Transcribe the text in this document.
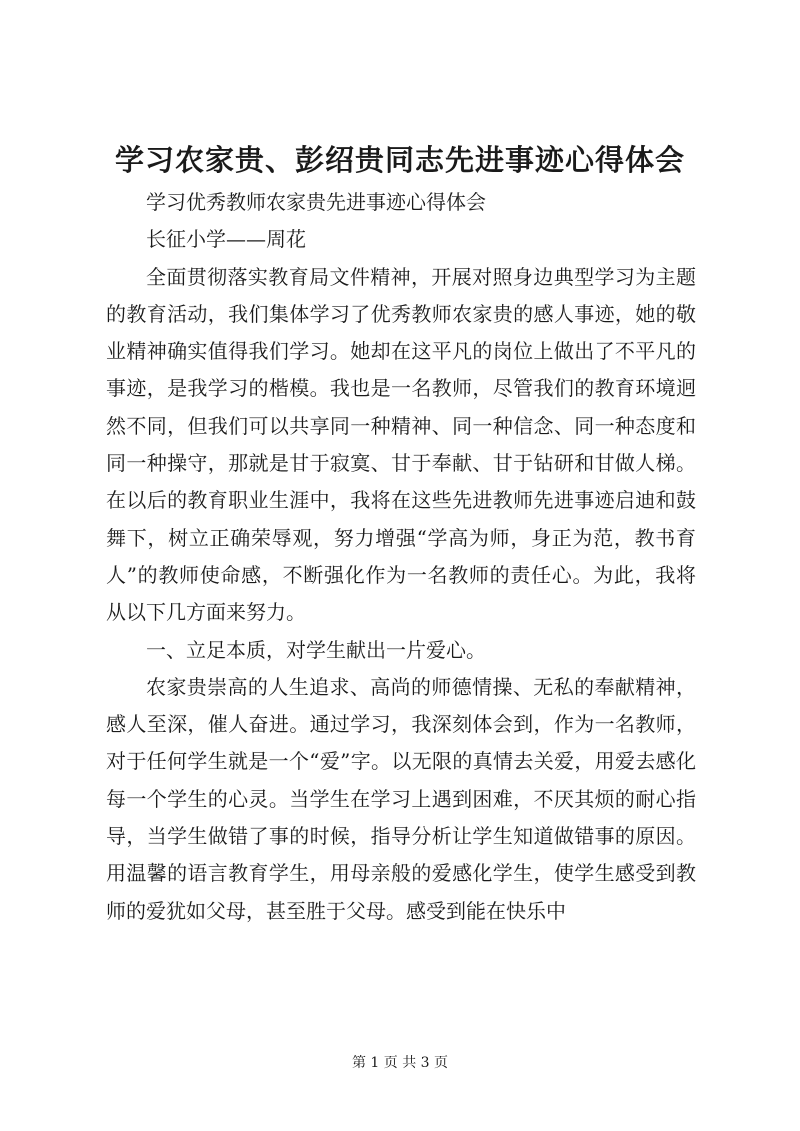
学习农家贵、彭绍贵同志先进事迹心得体会

学习优秀教师农家贵先进事迹心得体会

长征小学——周花

全面贯彻落实教育局文件精神，开展对照身边典型学习为主题的教育活动，我们集体学习了优秀教师农家贵的感人事迹，她的敬业精神确实值得我们学习。她却在这平凡的岗位上做出了不平凡的事迹，是我学习的楷模。我也是一名教师，尽管我们的教育环境迥然不同，但我们可以共享同一种精神、同一种信念、同一种态度和同一种操守，那就是甘于寂寞、甘于奉献、甘于钻研和甘做人梯。在以后的教育职业生涯中，我将在这些先进教师先进事迹启迪和鼓舞下，树立正确荣辱观，努力增强“学高为师，身正为范，教书育人”的教师使命感，不断强化作为一名教师的责任心。为此，我将从以下几方面来努力。

一、立足本质，对学生献出一片爱心。

农家贵崇高的人生追求、高尚的师德情操、无私的奉献精神，感人至深，催人奋进。通过学习，我深刻体会到，作为一名教师，对于任何学生就是一个“爱”字。以无限的真情去关爱，用爱去感化每一个学生的心灵。当学生在学习上遇到困难，不厌其烦的耐心指导，当学生做错了事的时候，指导分析让学生知道做错事的原因。用温馨的语言教育学生，用母亲般的爱感化学生，使学生感受到教师的爱犹如父母，甚至胜于父母。感受到能在快乐中

第 1 页 共 3 页
